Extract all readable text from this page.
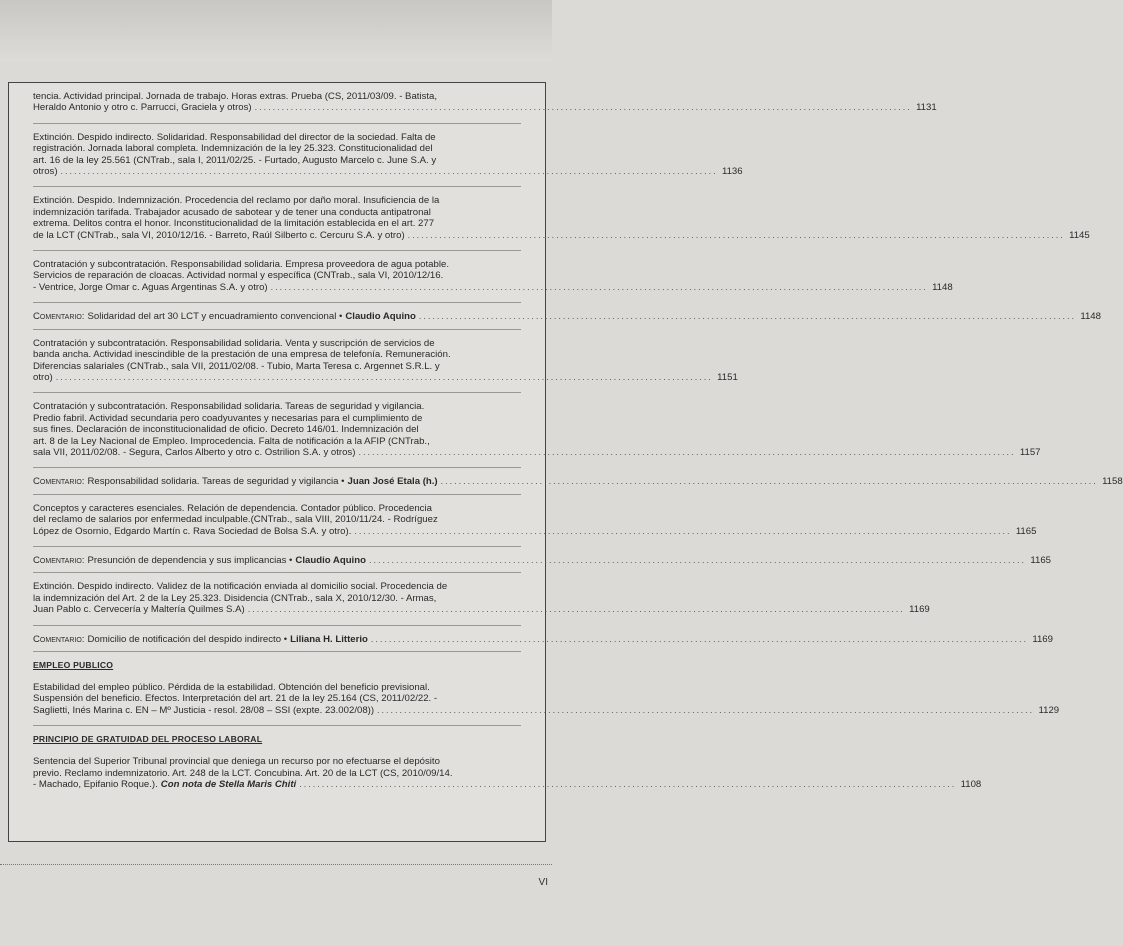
tencia. Actividad principal. Jornada de trabajo. Horas extras. Prueba (CS, 2011/03/09. - Batista,

Heraldo Antonio y otro c. Parrucci, Graciela y otros) .................................................................................................................................................. 1131

Extinción. Despido indirecto. Solidaridad. Responsabilidad del director de la sociedad. Falta de

registración. Jornada laboral completa. Indemnización de la ley 25.323. Constitucionalidad del

art. 16 de la ley 25.561 (CNTrab., sala I, 2011/02/25. - Furtado, Augusto Marcelo c. June S.A. y

otros) .................................................................................................................................................. 1136

Extinción. Despido. Indemnización. Procedencia del reclamo por daño moral. Insuficiencia de la

indemnización tarifada. Trabajador acusado de sabotear y de tener una conducta antipatronal

extrema. Delitos contra el honor. Inconstitucionalidad de la limitación establecida en el art. 277

de la LCT (CNTrab., sala VI, 2010/12/16. - Barreto, Raúl Silberto c. Cercuru S.A. y otro) .................................................................................................................................................. 1145

Contratación y subcontratación. Responsabilidad solidaria. Empresa proveedora de agua potable.

Servicios de reparación de cloacas. Actividad normal y específica (CNTrab., sala VI, 2010/12/16.

- Ventrice, Jorge Omar c. Aguas Argentinas S.A. y otro) .................................................................................................................................................. 1148

Comentario: Solidaridad del art 30 LCT y encuadramiento convencional • Claudio Aquino .................................................................................................................................................. 1148

Contratación y subcontratación. Responsabilidad solidaria. Venta y suscripción de servicios de

banda ancha. Actividad inescindible de la prestación de una empresa de telefonía. Remuneración.

Diferencias salariales (CNTrab., sala VII, 2011/02/08. - Tubio, Marta Teresa c. Argennet S.R.L. y

otro) .................................................................................................................................................. 1151

Contratación y subcontratación. Responsabilidad solidaria. Tareas de seguridad y vigilancia.

Predio fabril. Actividad secundaria pero coadyuvantes y necesarias para el cumplimiento de

sus fines. Declaración de inconstitucionalidad de oficio. Decreto 146/01. Indemnización del

art. 8 de la Ley Nacional de Empleo. Improcedencia. Falta de notificación a la AFIP (CNTrab.,

sala VII, 2011/02/08. - Segura, Carlos Alberto y otro c. Ostrilion S.A. y otros) .................................................................................................................................................. 1157

Comentario: Responsabilidad solidaria. Tareas de seguridad y vigilancia • Juan José Etala (h.) .................................................................................................................................................. 1158

Conceptos y caracteres esenciales. Relación de dependencia. Contador público. Procedencia

del reclamo de salarios por enfermedad inculpable.(CNTrab., sala VIII, 2010/11/24. - Rodríguez

López de Osornio, Edgardo Martín c. Rava Sociedad de Bolsa S.A. y otro). .................................................................................................................................................. 1165

Comentario: Presunción de dependencia y sus implicancias • Claudio Aquino .................................................................................................................................................. 1165

Extinción. Despido indirecto. Validez de la notificación enviada al domicilio social. Procedencia de

la indemnización del Art. 2 de la Ley 25.323. Disidencia (CNTrab., sala X, 2010/12/30. - Armas,

Juan Pablo c. Cervecería y Maltería Quilmes S.A) .................................................................................................................................................. 1169

Comentario: Domicilio de notificación del despido indirecto • Liliana H. Litterio .................................................................................................................................................. 1169

EMPLEO PUBLICO

Estabilidad del empleo público. Pérdida de la estabilidad. Obtención del beneficio previsional.

Suspensión del beneficio. Efectos. Interpretación del art. 21 de la ley 25.164 (CS, 2011/02/22. -

Saglietti, Inés Marina c. EN – Mº Justicia - resol. 28/08 – SSI (expte. 23.002/08)) .................................................................................................................................................. 1129

PRINCIPIO DE GRATUIDAD DEL PROCESO LABORAL

Sentencia del Superior Tribunal provincial que deniega un recurso por no efectuarse el depósito

previo. Reclamo indemnizatorio. Art. 248 de la LCT. Concubina. Art. 20 de la LCT (CS, 2010/09/14.

- Machado, Epifanio Roque.). Con nota de Stella Maris Chiti .................................................................................................................................................. 1108

VI
